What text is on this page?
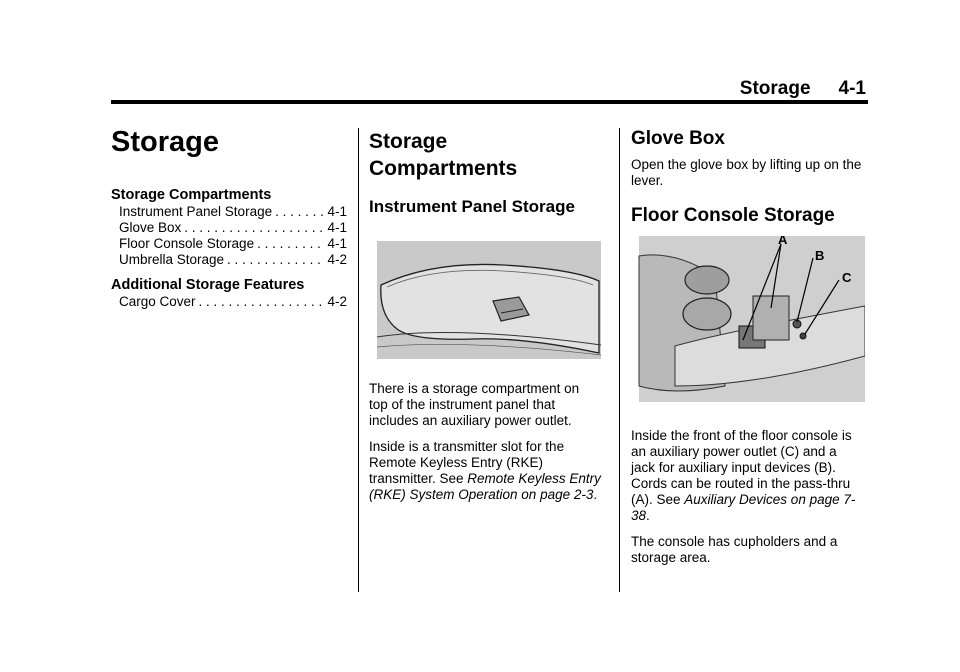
Storage 4-1
Storage
Storage Compartments
Instrument Panel Storage . . .	4-1
Glove Box . . .	4-1
Floor Console Storage . . .	4-1
Umbrella Storage . . .	4-2
Additional Storage Features
Cargo Cover . . .	4-2
Storage
Compartments
Instrument Panel Storage

There is a storage compartment on top of the instrument panel that includes an auxiliary power outlet.

Inside is a transmitter slot for the Remote Keyless Entry (RKE) transmitter. See Remote Keyless Entry (RKE) System Operation on page 2-3.

Glove Box

Open the glove box by lifting up on the lever.

Floor Console Storage
A
B
C

Inside the front of the floor console is an auxiliary power outlet (C) and a jack for auxiliary input devices (B). Cords can be routed in the pass-thru (A). See Auxiliary Devices on page 7-38.

The console has cupholders and a storage area.
